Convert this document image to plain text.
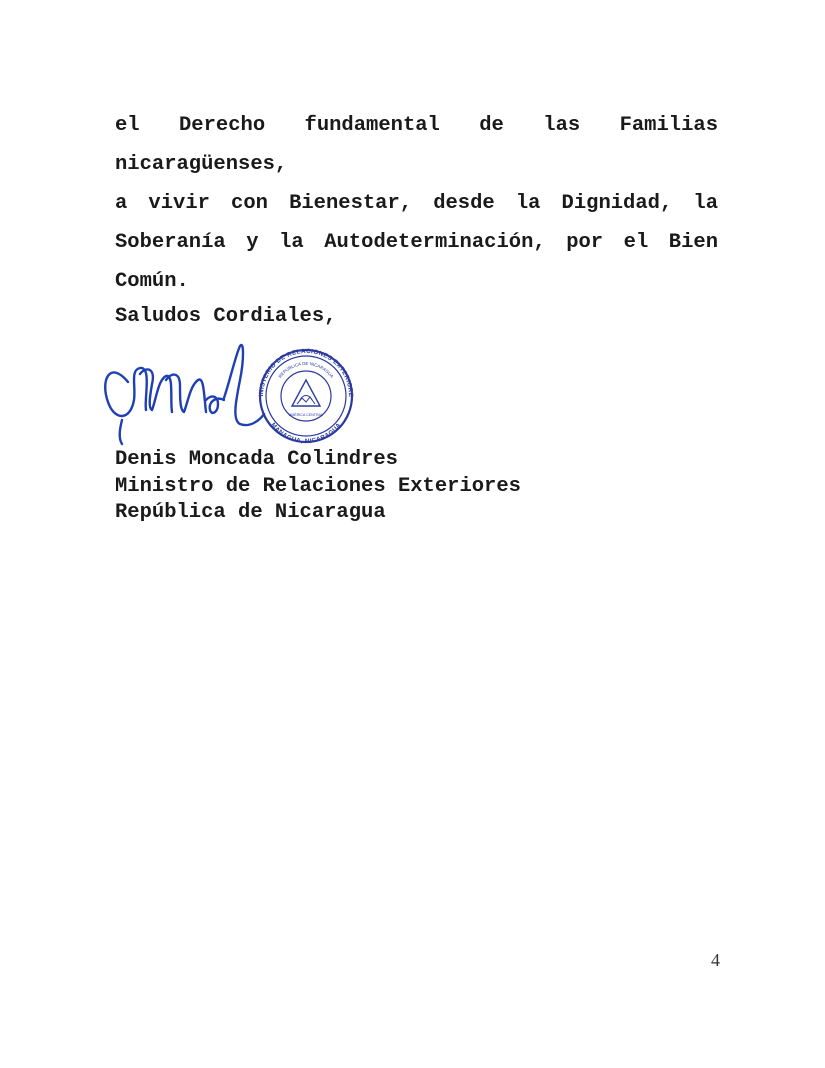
el Derecho fundamental de las Familias nicaragüenses,
a vivir con Bienestar, desde la Dignidad, la
Soberanía y la Autodeterminación, por el Bien
Común.

Saludos Cordiales,

MINISTERIO DE RELACIONES EXTERIORES
REPÚBLICA DE NICARAGUA
MANAGUA, NICARAGUA
AMÉRICA CENTRAL

Denis Moncada Colindres
Ministro de Relaciones Exteriores
República de Nicaragua

4
